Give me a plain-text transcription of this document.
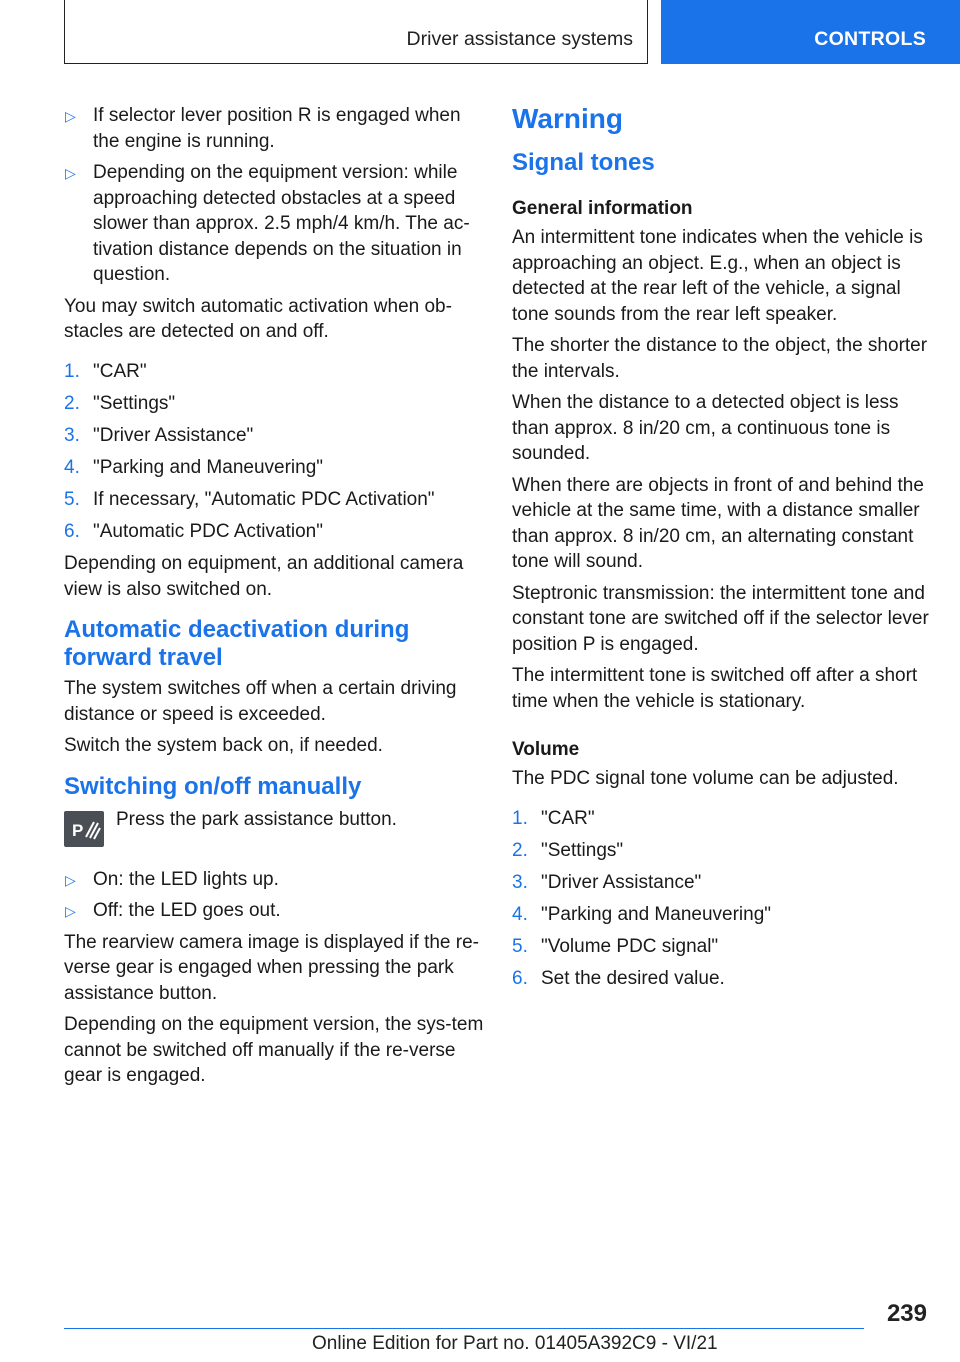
Driver assistance systems	CONTROLS
▷ If selector lever position R is engaged when the engine is running.
▷ Depending on the equipment version: while approaching detected obstacles at a speed slower than approx. 2.5 mph/4 km/h. The ac-tivation distance depends on the situation in question.

You may switch automatic activation when ob-stacles are detected on and off.

1. "CAR"
2. "Settings"
3. "Driver Assistance"
4. "Parking and Maneuvering"
5. If necessary, "Automatic PDC Activation"
6. "Automatic PDC Activation"

Depending on equipment, an additional camera view is also switched on.

Automatic deactivation during forward travel

The system switches off when a certain driving distance or speed is exceeded.

Switch the system back on, if needed.

Switching on/off manually
P
Press the park assistance button.
▷ On: the LED lights up.
▷ Off: the LED goes out.

The rearview camera image is displayed if the re-verse gear is engaged when pressing the park assistance button.

Depending on the equipment version, the sys-tem cannot be switched off manually if the re-verse gear is engaged.

Warning
Signal tones
General information

An intermittent tone indicates when the vehicle is approaching an object. E.g., when an object is detected at the rear left of the vehicle, a signal tone sounds from the rear left speaker.

The shorter the distance to the object, the shorter the intervals.

When the distance to a detected object is less than approx. 8 in/20 cm, a continuous tone is sounded.

When there are objects in front of and behind the vehicle at the same time, with a distance smaller than approx. 8 in/20 cm, an alternating constant tone will sound.

Steptronic transmission: the intermittent tone and constant tone are switched off if the selector lever position P is engaged.

The intermittent tone is switched off after a short time when the vehicle is stationary.

Volume

The PDC signal tone volume can be adjusted.

1. "CAR"
2. "Settings"
3. "Driver Assistance"
4. "Parking and Maneuvering"
5. "Volume PDC signal"
6. Set the desired value.
239
Online Edition for Part no. 01405A392C9 - VI/21
